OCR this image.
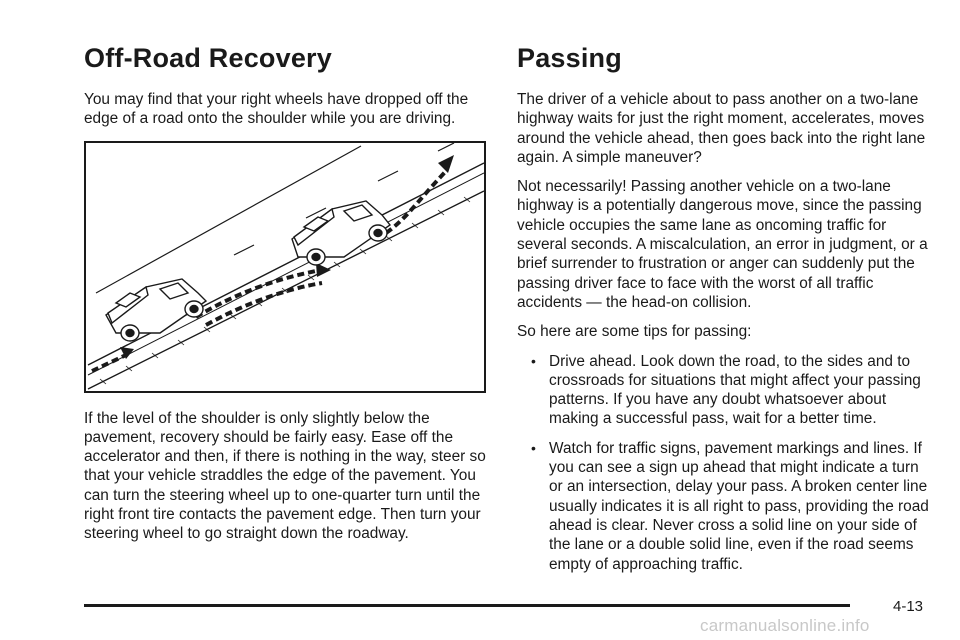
Off-Road Recovery

You may find that your right wheels have dropped off the edge of a road onto the shoulder while you are driving.

If the level of the shoulder is only slightly below the pavement, recovery should be fairly easy. Ease off the accelerator and then, if there is nothing in the way, steer so that your vehicle straddles the edge of the pavement. You can turn the steering wheel up to one-quarter turn until the right front tire contacts the pavement edge. Then turn your steering wheel to go straight down the roadway.

Passing

The driver of a vehicle about to pass another on a two-lane highway waits for just the right moment, accelerates, moves around the vehicle ahead, then goes back into the right lane again. A simple maneuver?

Not necessarily! Passing another vehicle on a two-lane highway is a potentially dangerous move, since the passing vehicle occupies the same lane as oncoming traffic for several seconds. A miscalculation, an error in judgment, or a brief surrender to frustration or anger can suddenly put the passing driver face to face with the worst of all traffic accidents — the head-on collision.

So here are some tips for passing:

• Drive ahead. Look down the road, to the sides and to crossroads for situations that might affect your passing patterns. If you have any doubt whatsoever about making a successful pass, wait for a better time.
• Watch for traffic signs, pavement markings and lines. If you can see a sign up ahead that might indicate a turn or an intersection, delay your pass. A broken center line usually indicates it is all right to pass, providing the road ahead is clear. Never cross a solid line on your side of the lane or a double solid line, even if the road seems empty of approaching traffic.
4-13
carmanualsonline.info
